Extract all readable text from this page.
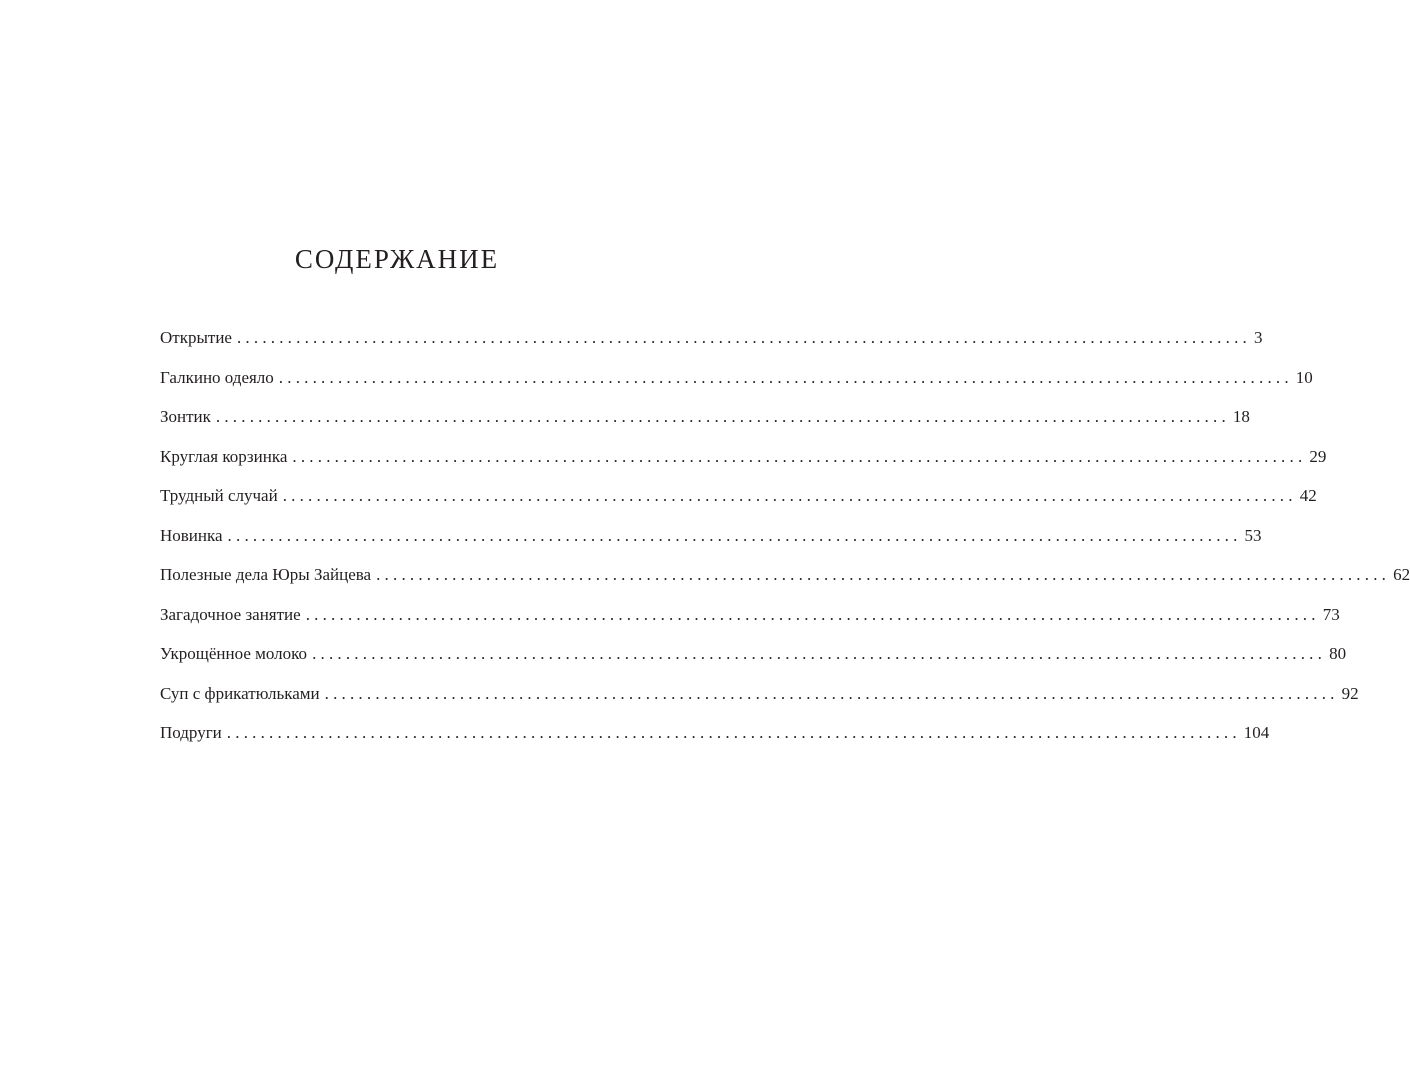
СОДЕРЖАНИЕ
Открытие ........................................................................................................................ 3
Галкино одеяло ........................................................................................................................ 10
Зонтик ........................................................................................................................ 18
Круглая корзинка ........................................................................................................................ 29
Трудный случай ........................................................................................................................ 42
Новинка ........................................................................................................................ 53
Полезные дела Юры Зайцева ........................................................................................................................ 62
Загадочное занятие ........................................................................................................................ 73
Укрощённое молоко ........................................................................................................................ 80
Суп с фрикатюльками ........................................................................................................................ 92
Подруги ........................................................................................................................ 104
